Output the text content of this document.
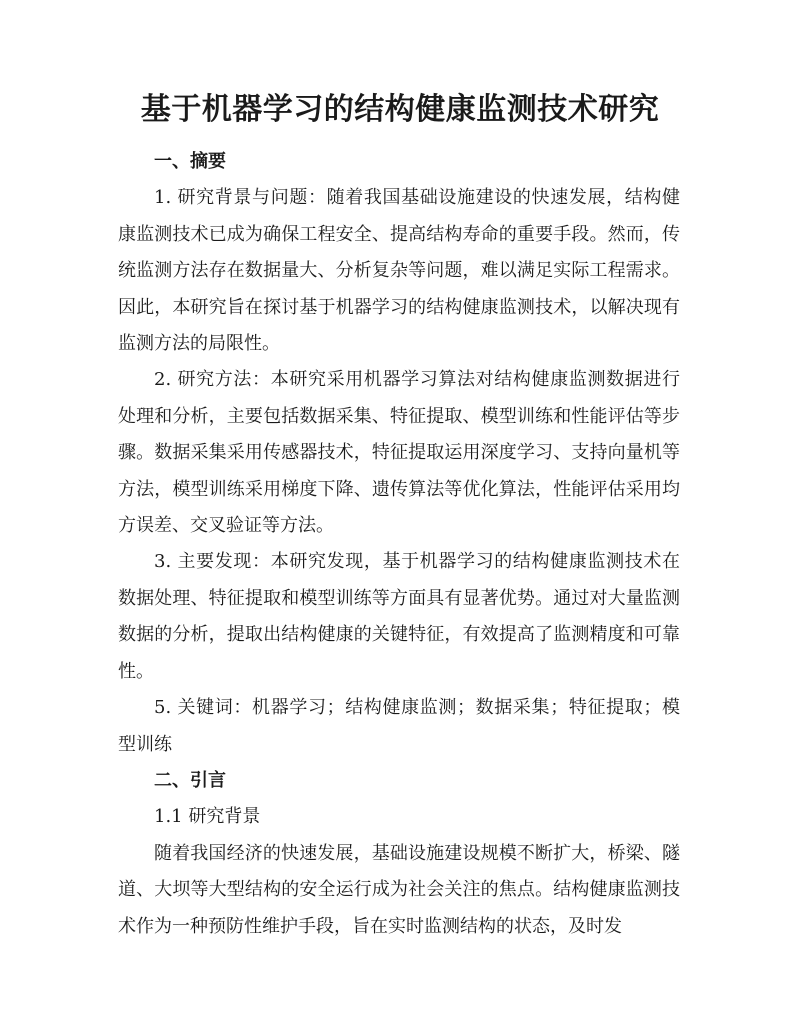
基于机器学习的结构健康监测技术研究

一、摘要

1. 研究背景与问题：随着我国基础设施建设的快速发展，结构健康监测技术已成为确保工程安全、提高结构寿命的重要手段。然而，传统监测方法存在数据量大、分析复杂等问题，难以满足实际工程需求。因此，本研究旨在探讨基于机器学习的结构健康监测技术，以解决现有监测方法的局限性。

2. 研究方法：本研究采用机器学习算法对结构健康监测数据进行处理和分析，主要包括数据采集、特征提取、模型训练和性能评估等步骤。数据采集采用传感器技术，特征提取运用深度学习、支持向量机等方法，模型训练采用梯度下降、遗传算法等优化算法，性能评估采用均方误差、交叉验证等方法。

3. 主要发现：本研究发现，基于机器学习的结构健康监测技术在数据处理、特征提取和模型训练等方面具有显著优势。通过对大量监测数据的分析，提取出结构健康的关键特征，有效提高了监测精度和可靠性。

5. 关键词：机器学习；结构健康监测；数据采集；特征提取；模型训练

二、引言

1.1 研究背景

随着我国经济的快速发展，基础设施建设规模不断扩大，桥梁、隧道、大坝等大型结构的安全运行成为社会关注的焦点。结构健康监测技术作为一种预防性维护手段，旨在实时监测结构的状态，及时发
